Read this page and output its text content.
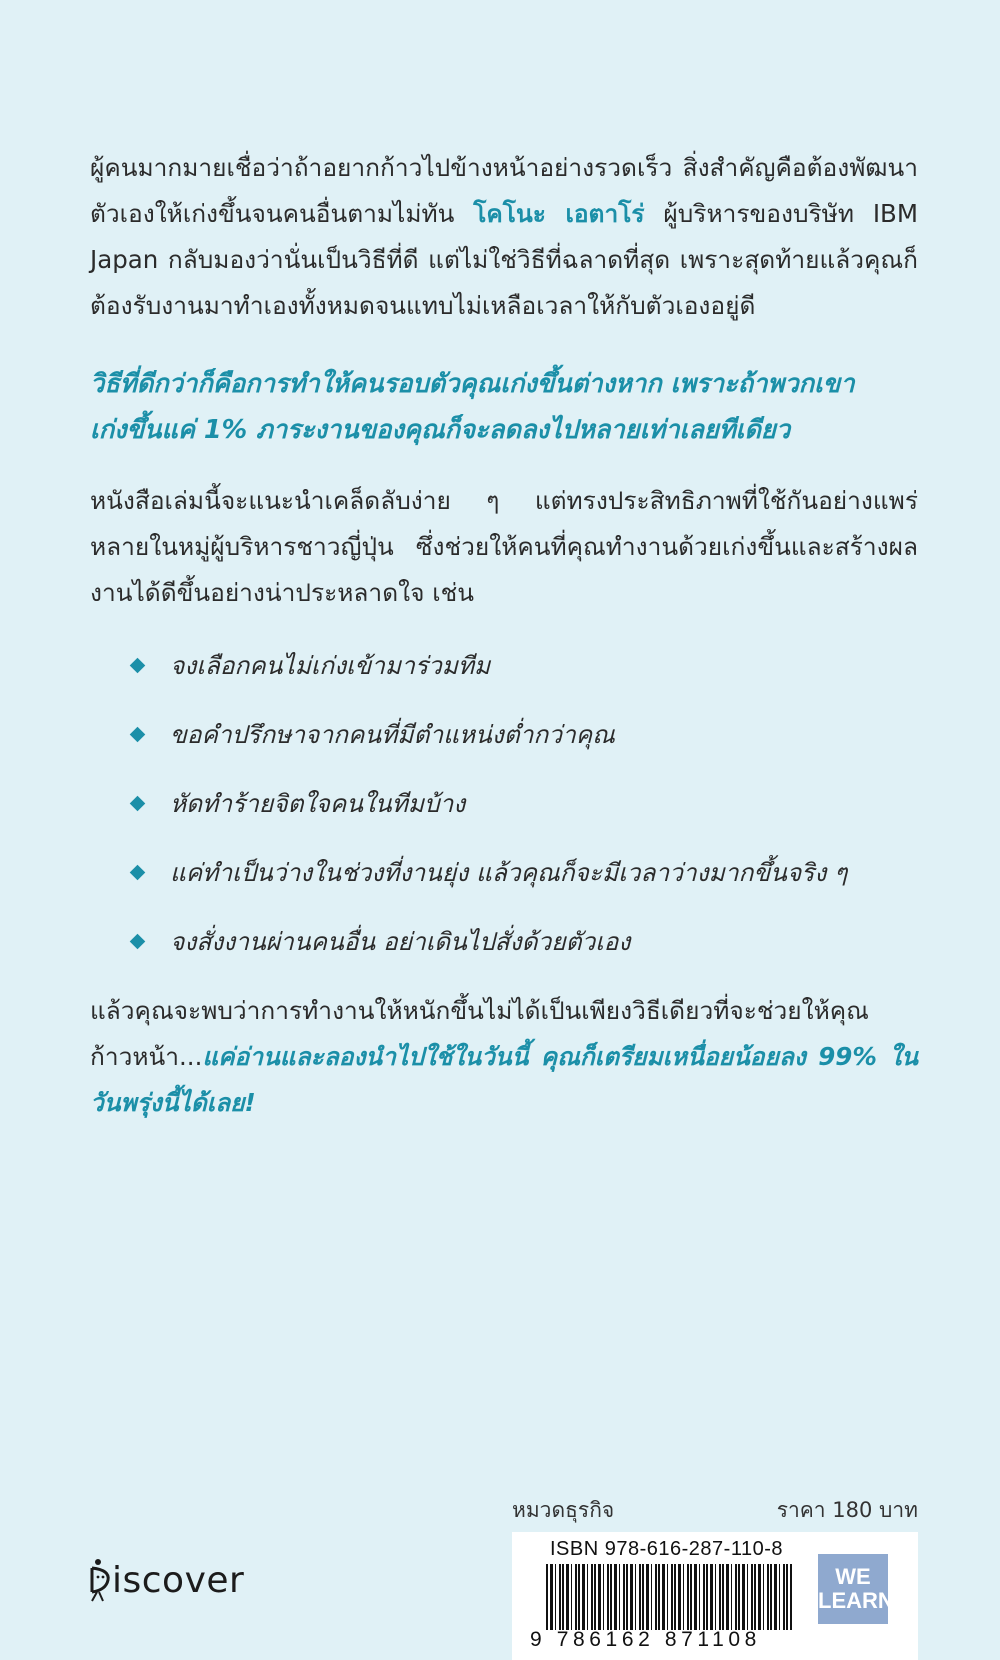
ผู้คนมากมายเชื่อว่าถ้าอยากก้าวไปข้างหน้าอย่างรวดเร็ว สิ่งสำคัญคือต้องพัฒนาตัวเองให้เก่งขึ้นจนคนอื่นตามไม่ทัน โคโนะ เอตาโร่ ผู้บริหารของบริษัท IBM Japan กลับมองว่านั่นเป็นวิธีที่ดี แต่ไม่ใช่วิธีที่ฉลาดที่สุด เพราะสุดท้ายแล้วคุณก็ต้องรับงานมาทำเองทั้งหมดจนแทบไม่เหลือเวลาให้กับตัวเองอยู่ดี
วิธีที่ดีกว่าก็คือการทำให้คนรอบตัวคุณเก่งขึ้นต่างหาก เพราะถ้าพวกเขา
เก่งขึ้นแค่ 1% ภาระงานของคุณก็จะลดลงไปหลายเท่าเลยทีเดียว
หนังสือเล่มนี้จะแนะนำเคล็ดลับง่าย ๆ แต่ทรงประสิทธิภาพที่ใช้กันอย่างแพร่หลายในหมู่ผู้บริหารชาวญี่ปุ่น ซึ่งช่วยให้คนที่คุณทำงานด้วยเก่งขึ้นและสร้างผลงานได้ดีขึ้นอย่างน่าประหลาดใจ เช่น
จงเลือกคนไม่เก่งเข้ามาร่วมทีม
ขอคำปรึกษาจากคนที่มีตำแหน่งต่ำกว่าคุณ
หัดทำร้ายจิตใจคนในทีมบ้าง
แค่ทำเป็นว่างในช่วงที่งานยุ่ง แล้วคุณก็จะมีเวลาว่างมากขึ้นจริง ๆ
จงสั่งงานผ่านคนอื่น อย่าเดินไปสั่งด้วยตัวเอง
แล้วคุณจะพบว่าการทำงานให้หนักขึ้นไม่ได้เป็นเพียงวิธีเดียวที่จะช่วยให้คุณก้าวหน้า...แค่อ่านและลองนำไปใช้ในวันนี้ คุณก็เตรียมเหนื่อยน้อยลง 99% ในวันพรุ่งนี้ได้เลย!
หมวดธุรกิจ	ราคา 180 บาท
ISBN 978-616-287-110-8
9 786162 871108
WE
LEARN
iscover
